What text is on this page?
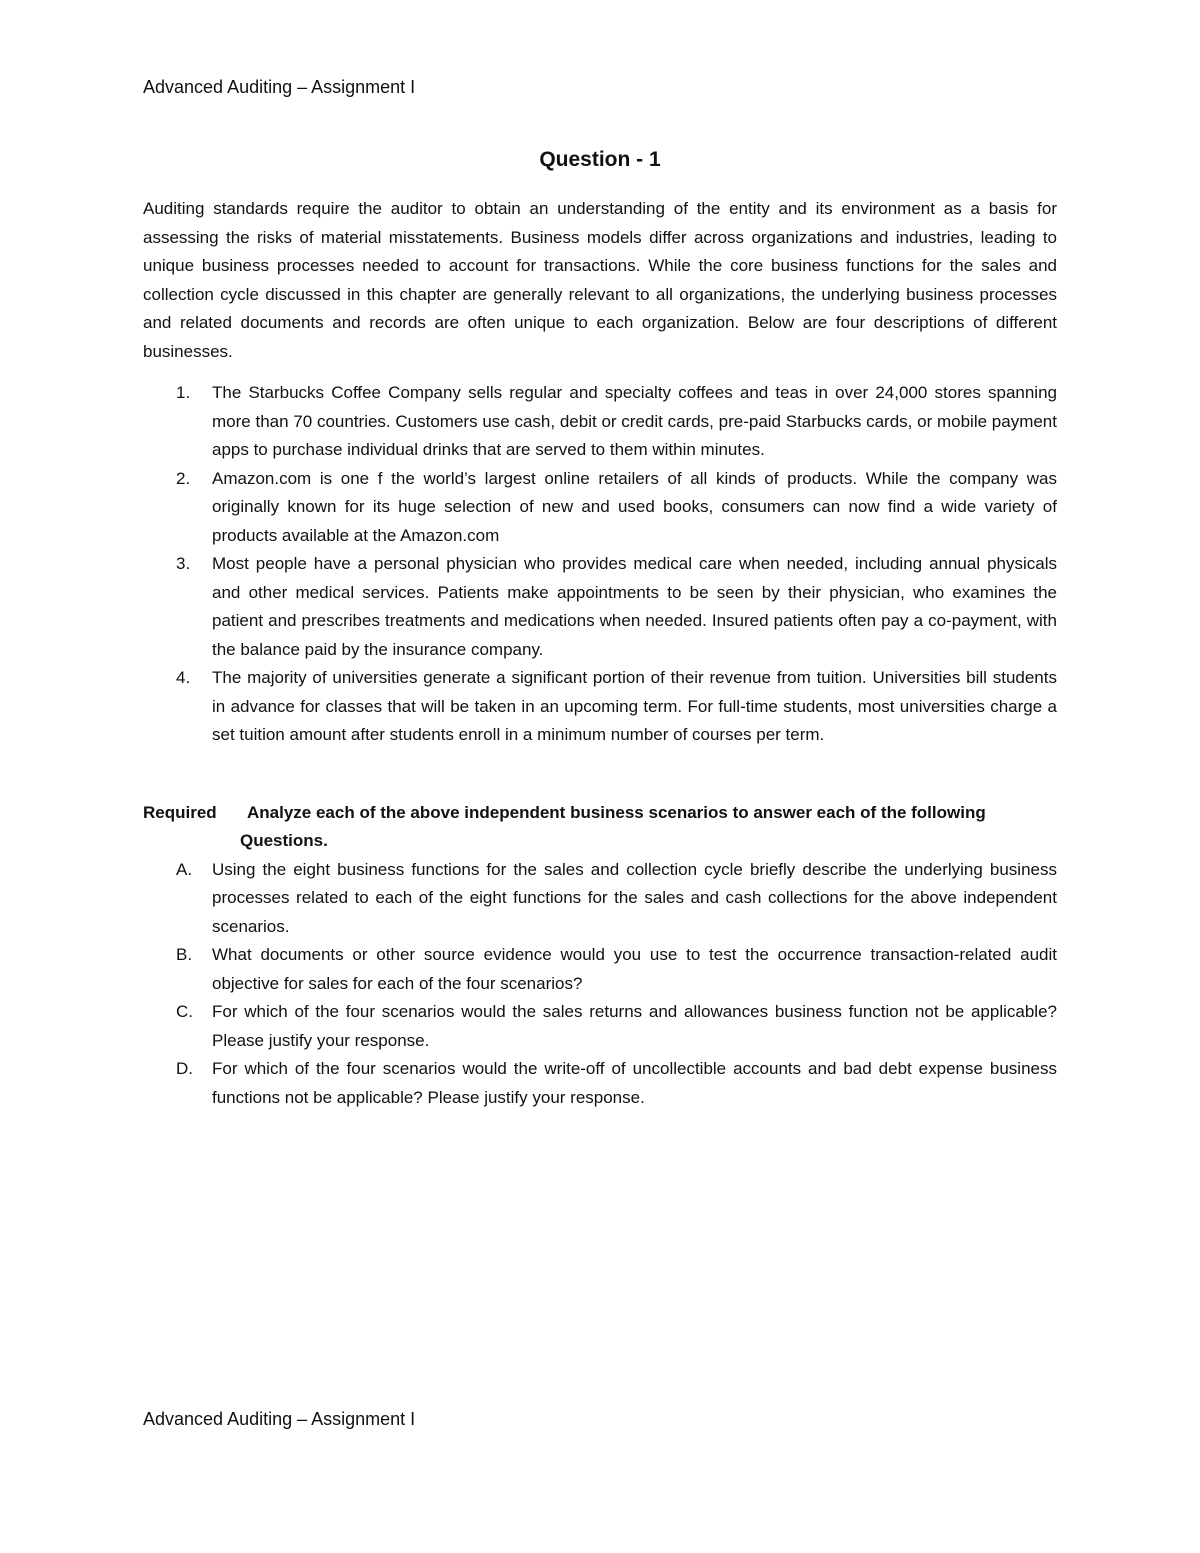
Advanced Auditing – Assignment I
Question - 1

Auditing standards require the auditor to obtain an understanding of the entity and its environment as a basis for assessing the risks of material misstatements. Business models differ across organizations and industries, leading to unique business processes needed to account for transactions. While the core business functions for the sales and collection cycle discussed in this chapter are generally relevant to all organizations, the underlying business processes and related documents and records are often unique to each organization. Below are four descriptions of different businesses.

1. The Starbucks Coffee Company sells regular and specialty coffees and teas in over 24,000 stores spanning more than 70 countries. Customers use cash, debit or credit cards, pre-paid Starbucks cards, or mobile payment apps to purchase individual drinks that are served to them within minutes.
2. Amazon.com is one f the world’s largest online retailers of all kinds of products. While the company was originally known for its huge selection of new and used books, consumers can now find a wide variety of products available at the Amazon.com
3. Most people have a personal physician who provides medical care when needed, including annual physicals and other medical services. Patients make appointments to be seen by their physician, who examines the patient and prescribes treatments and medications when needed. Insured patients often pay a co-payment, with the balance paid by the insurance company.
4. The majority of universities generate a significant portion of their revenue from tuition. Universities bill students in advance for classes that will be taken in an upcoming term. For full-time students, most universities charge a set tuition amount after students enroll in a minimum number of courses per term.
Required	Analyze each of the above independent business scenarios to answer each of the following
Questions.
A. Using the eight business functions for the sales and collection cycle briefly describe the underlying business processes related to each of the eight functions for the sales and cash collections for the above independent scenarios.
B. What documents or other source evidence would you use to test the occurrence transaction-related audit objective for sales for each of the four scenarios?
C. For which of the four scenarios would the sales returns and allowances business function not be applicable? Please justify your response.
D. For which of the four scenarios would the write-off of uncollectible accounts and bad debt expense business functions not be applicable? Please justify your response.
Advanced Auditing – Assignment I
